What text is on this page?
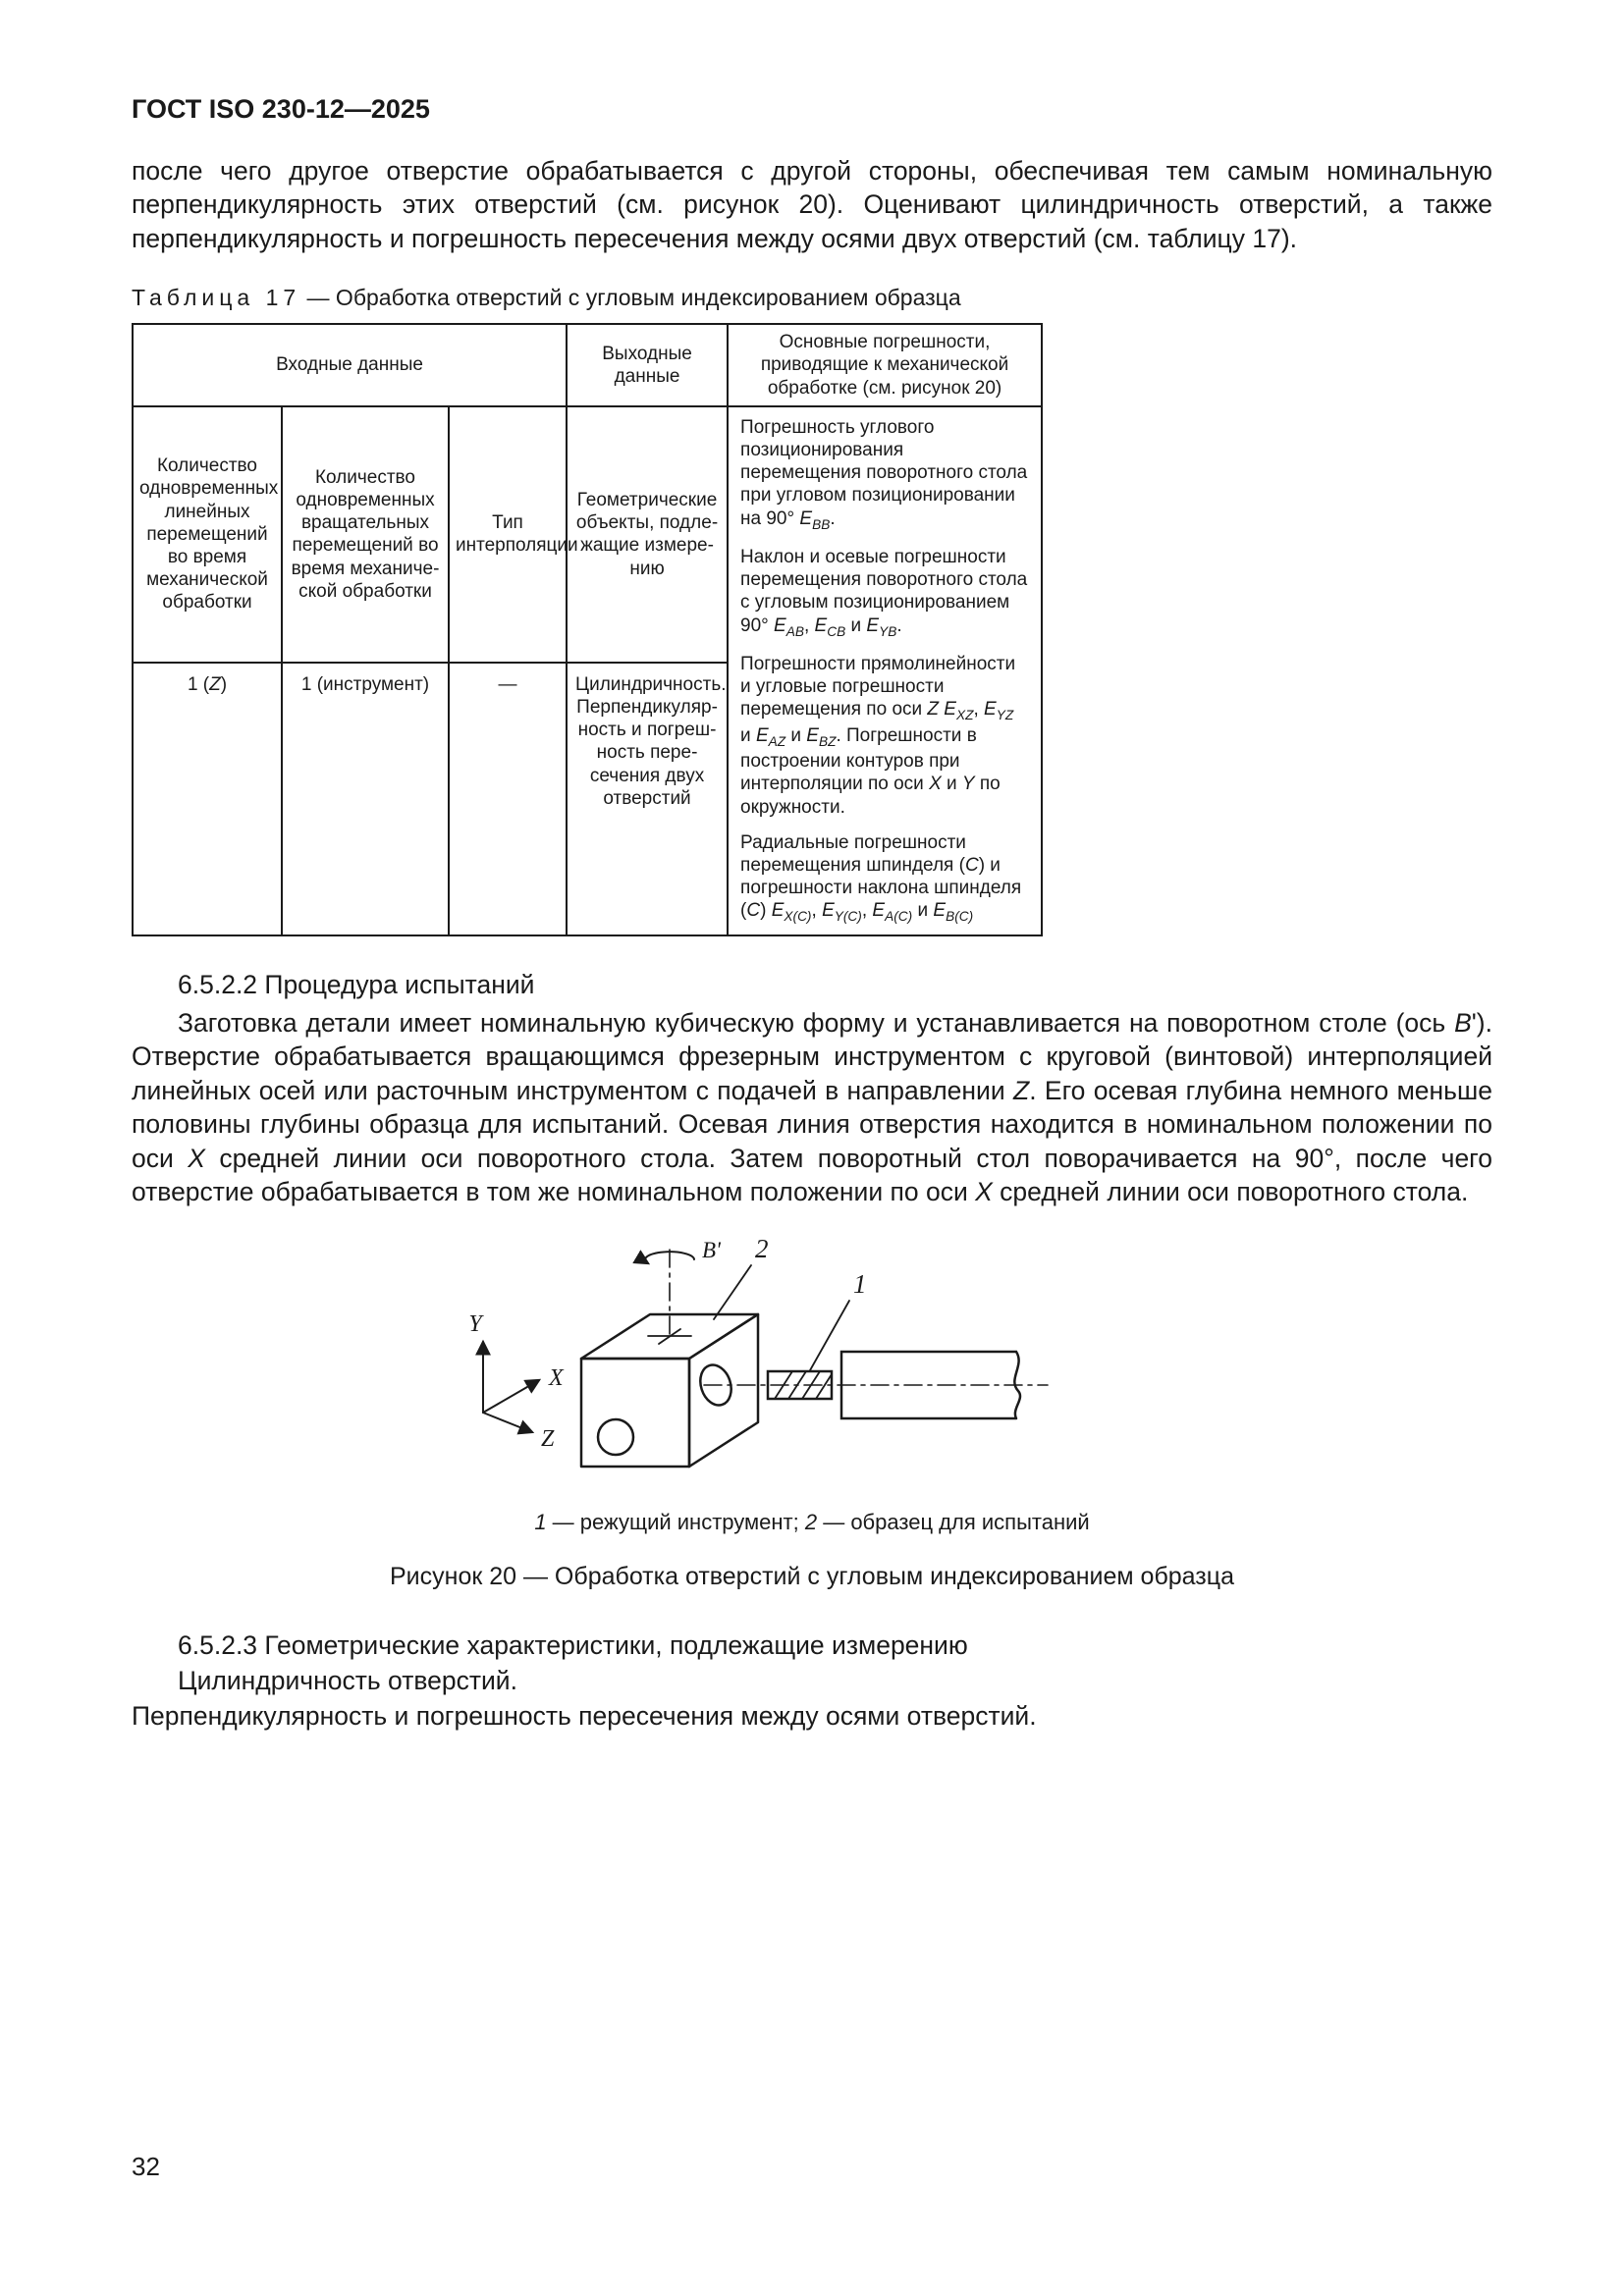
ГОСТ ISO 230-12—2025

после чего другое отверстие обрабатывается с другой стороны, обеспечивая тем самым номинальную перпендикулярность этих отверстий (см. рисунок 20). Оценивают цилиндричность отверстий, а также перпендикулярность и погрешность пересечения между осями двух отверстий (см. таблицу 17).

Таблица 17 — Обработка отверстий с угловым индексированием образца
Входные данные			Выходные данные	Основные погрешности, приводящие к механической обработке (см. рисунок 20)
Количество одновременных линейных перемещений во время механической обработки	Количество одновременных вращательных перемещений во время механической обработки	Тип интерполяции	Геометрические объекты, подлежащие измерению	Погрешность углового позиционирования перемещения поворотного стола при угловом позиционировании на 90° $E_{BB}$.

Наклон и осевые погрешности перемещения поворотного стола с угловым позиционированием 90° $E_{AB}$, $E_{CB}$ и $E_{YB}$.

Погрешности прямолинейности и угловые погрешности перемещения по оси Z $E_{XZ}$, $E_{YZ}$ и $E_{AZ}$ и $E_{BZ}$. Погрешности в построении контуров при интерполяции по оси X и Y по окружности.

Радиальные погрешности перемещения шпинделя (C) и погрешности наклона шпинделя (C) $E_{X(C)}$, $E_{Y(C)}$, $E_{A(C)}$ и $E_{B(C)}$

1 (Z)	1 (инструмент)	—	Цилиндричность. Перпендикулярность и погрешность пересечения двух отверстий	

6.5.2.2 Процедура испытаний

Заготовка детали имеет номинальную кубическую форму и устанавливается на поворотном столе (ось B'). Отверстие обрабатывается вращающимся фрезерным инструментом с круговой (винтовой) интерполяцией линейных осей или расточным инструментом с подачей в направлении Z. Его осевая глубина немного меньше половины глубины образца для испытаний. Осевая линия отверстия находится в номинальном положении по оси X средней линии оси поворотного стола. Затем поворотный стол поворачивается на 90°, после чего отверстие обрабатывается в том же номинальном положении по оси X средней линии оси поворотного стола.

Y
X
Z
B' 2
1
1 — режущий инструмент; 2 — образец для испытаний
Рисунок 20 — Обработка отверстий с угловым индексированием образца

6.5.2.3 Геометрические характеристики, подлежащие измерению

Цилиндричность отверстий.

Перпендикулярность и погрешность пересечения между осями отверстий.

32
